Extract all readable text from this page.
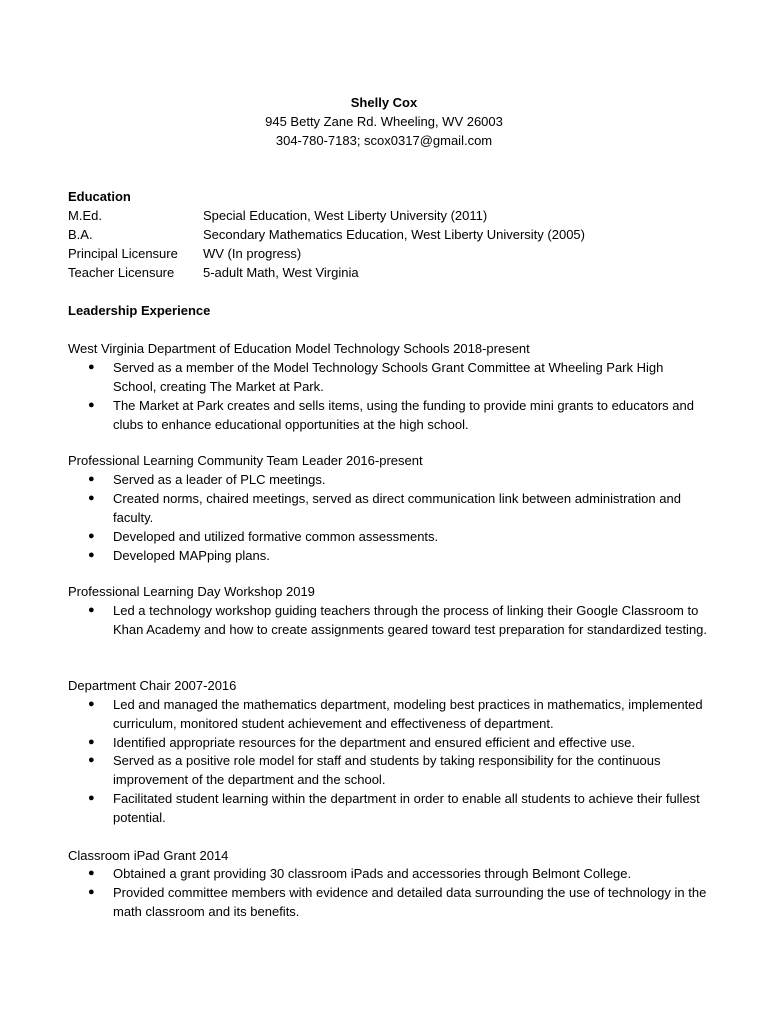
Shelly Cox
945 Betty Zane Rd. Wheeling, WV 26003
304-780-7183; scox0317@gmail.com
Education
M.Ed.	Special Education, West Liberty University (2011)
B.A.	Secondary Mathematics Education, West Liberty University (2005)
Principal Licensure WV (In progress)
Teacher Licensure 5-adult Math, West Virginia
Leadership Experience
West Virginia Department of Education Model Technology Schools 2018-present
●	Served as a member of the Model Technology Schools Grant Committee at Wheeling Park High School, creating The Market at Park.
●	The Market at Park creates and sells items, using the funding to provide mini grants to educators and clubs to enhance educational opportunities at the high school.
Professional Learning Community Team Leader 2016-present
●	Served as a leader of PLC meetings.
●	Created norms, chaired meetings, served as direct communication link between administration and faculty.
●	Developed and utilized formative common assessments.
●	Developed MAPping plans.
Professional Learning Day Workshop 2019
●	Led a technology workshop guiding teachers through the process of linking their Google Classroom to Khan Academy and how to create assignments geared toward test preparation for standardized testing.
Department Chair 2007-2016
●	Led and managed the mathematics department, modeling best practices in mathematics, implemented curriculum, monitored student achievement and effectiveness of department.
●	Identified appropriate resources for the department and ensured efficient and effective use.
●	Served as a positive role model for staff and students by taking responsibility for the continuous improvement of the department and the school.
●	Facilitated student learning within the department in order to enable all students to achieve their fullest potential.
Classroom iPad Grant 2014
●	Obtained a grant providing 30 classroom iPads and accessories through Belmont College.
●	Provided committee members with evidence and detailed data surrounding the use of technology in the math classroom and its benefits.
